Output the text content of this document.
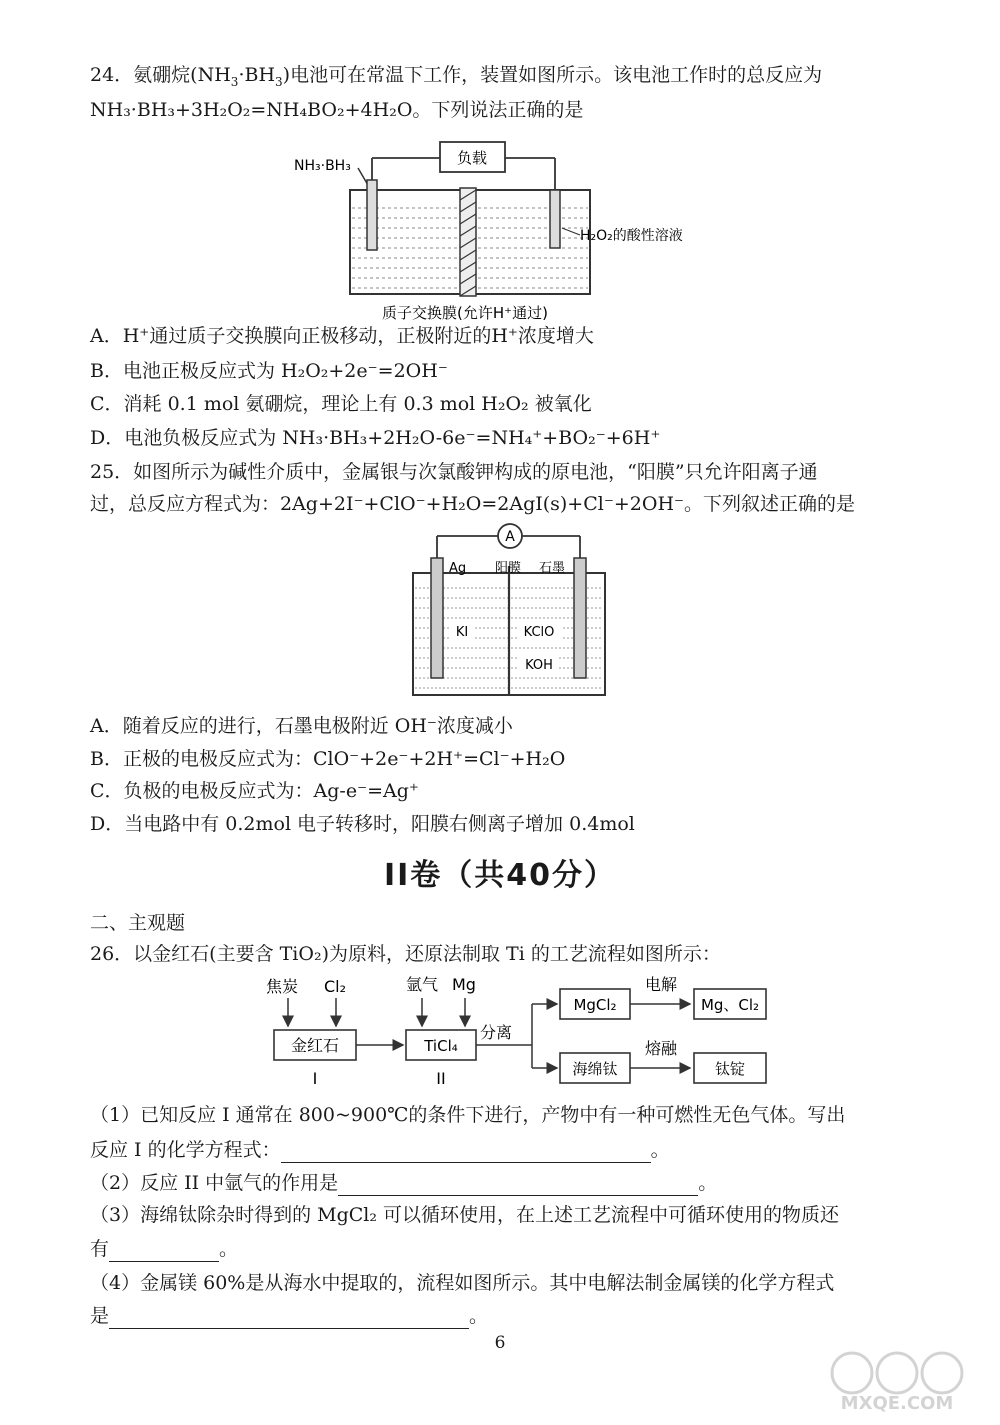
24．氨硼烷$(NH_3\cdot BH_3)$电池可在常温下工作，装置如图所示。该电池工作时的总反应为
NH₃·BH₃+3H₂O₂=NH₄BO₂+4H₂O。下列说法正确的是
NH₃·BH₃	负载
H₂O₂的酸性溶液
质子交换膜(允许H⁺通过)
A．H⁺通过质子交换膜向正极移动，正极附近的H⁺浓度增大
B．电池正极反应式为 H₂O₂+2e⁻=2OH⁻
C．消耗 0.1 mol 氨硼烷，理论上有 0.3 mol H₂O₂ 被氧化
D．电池负极反应式为 NH₃·BH₃+2H₂O-6e⁻=NH₄⁺+BO₂⁻+6H⁺
25．如图所示为碱性介质中，金属银与次氯酸钾构成的原电池，“阳膜”只允许阳离子通
过，总反应方程式为：2Ag+2I⁻+ClO⁻+H₂O=2AgI(s)+Cl⁻+2OH⁻。下列叙述正确的是
A
Ag 阳膜 石墨
KI	KClO
KOH
A．随着反应的进行，石墨电极附近 OH⁻浓度减小
B．正极的电极反应式为：ClO⁻+2e⁻+2H⁺=Cl⁻+H₂O
C．负极的电极反应式为：Ag-e⁻=Ag⁺
D．当电路中有 0.2mol 电子转移时，阳膜右侧离子增加 0.4mol
II卷（共40分）
二、主观题
26．以金红石(主要含 TiO₂)为原料，还原法制取 Ti 的工艺流程如图所示：
焦炭 Cl₂
金红石
I
氩气 Mg
TiCl₄
II
分离
MgCl₂
电解
Mg、Cl₂
海绵钛
熔融
钛锭
（1）已知反应 I 通常在 800~900℃的条件下进行，产物中有一种可燃性无色气体。写出
反应 I 的化学方程式：	。
（2）反应 II 中氩气的作用是	。
（3）海绵钛除杂时得到的 MgCl₂ 可以循环使用，在上述工艺流程中可循环使用的物质还
有	。
（4）金属镁 60%是从海水中提取的，流程如图所示。其中电解法制金属镁的化学方程式
是	。
6
MXQE.COM
